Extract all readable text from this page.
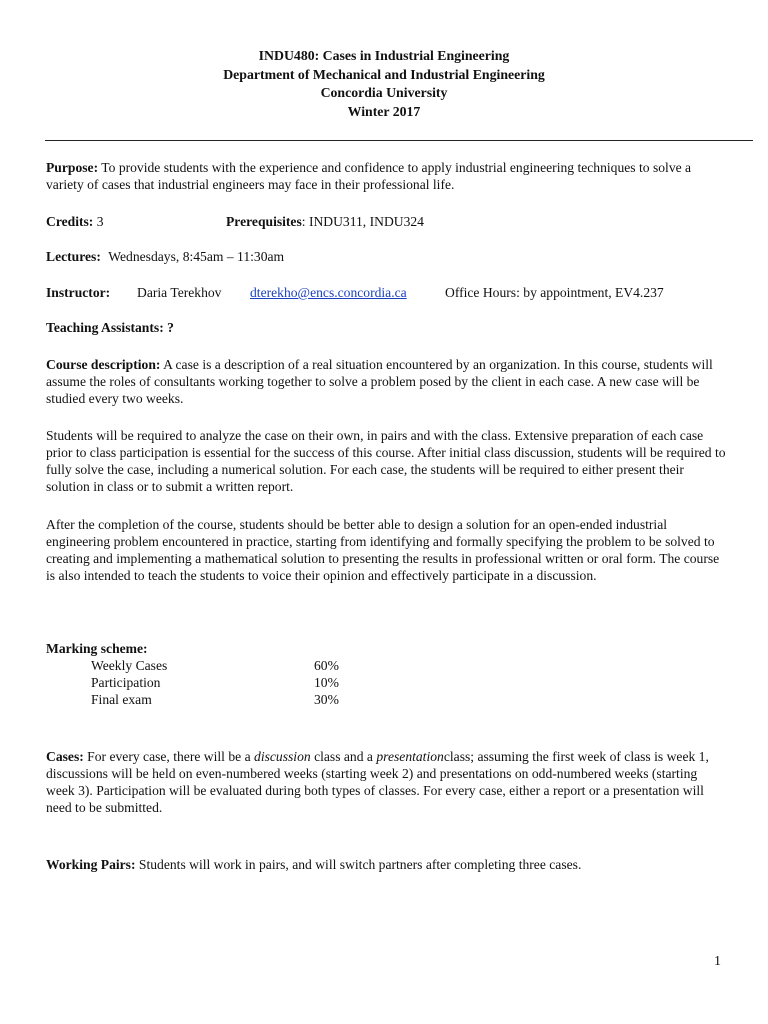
INDU480: Cases in Industrial Engineering
Department of Mechanical and Industrial Engineering
Concordia University
Winter 2017
Purpose: To provide students with the experience and confidence to apply industrial engineering techniques to solve a variety of cases that industrial engineers may face in their professional life.
Credits: 3	Prerequisites: INDU311, INDU324
Lectures: Wednesdays, 8:45am – 11:30am
Instructor: Daria Terekhov dterekho@encs.concordia.ca	Office Hours: by appointment, EV4.237
Teaching Assistants: ?

Course description: A case is a description of a real situation encountered by an organization. In this course, students will assume the roles of consultants working together to solve a problem posed by the client in each case. A new case will be studied every two weeks.

Students will be required to analyze the case on their own, in pairs and with the class. Extensive preparation of each case prior to class participation is essential for the success of this course. After initial class discussion, students will be required to fully solve the case, including a numerical solution. For each case, the students will be required to either present their solution in class or to submit a written report.
After the completion of the course, students should be better able to design a solution for an open-ended industrial engineering problem encountered in practice, starting from identifying and formally specifying the problem to be solved to creating and implementing a mathematical solution to presenting the results in professional written or oral form. The course is also intended to teach the students to voice their opinion and effectively participate in a discussion.
Marking scheme:
Weekly Cases	60%
Participation	10%
Final exam	30%
Cases: For every case, there will be a discussion class and a presentationclass; assuming the first week of class is week 1, discussions will be held on even-numbered weeks (starting week 2) and presentations on odd-numbered weeks (starting week 3). Participation will be evaluated during both types of classes. For every case, either a report or a presentation will need to be submitted.
Working Pairs: Students will work in pairs, and will switch partners after completing three cases.
1
